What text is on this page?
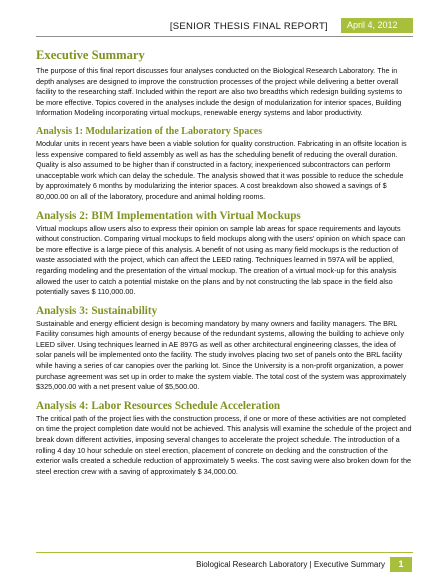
[SENIOR THESIS FINAL REPORT]	April 4, 2012
Executive Summary

The purpose of this final report discusses four analyses conducted on the Biological Research Laboratory. The in depth analyses are designed to improve the construction processes of the project while delivering a better overall facility to the researching staff. Included within the report are also two breadths which redesign building systems to be more effective. Topics covered in the analyses include the design of modularization for interior spaces, Building Information Modeling incorporating virtual mockups, renewable energy systems and labor productivity.

Analysis 1: Modularization of the Laboratory Spaces

Modular units in recent years have been a viable solution for quality construction. Fabricating in an offsite location is less expensive compared to field assembly as well as has the scheduling benefit of reducing the overall duration. Quality is also assumed to be higher than if constructed in a factory, inexperienced subcontractors can perform unacceptable work which can delay the schedule. The analysis showed that it was possible to reduce the schedule by approximately 6 months by modularizing the interior spaces. A cost breakdown also showed a savings of $ 80,000.00 on all of the laboratory, procedure and animal holding rooms.

Analysis 2: BIM Implementation with Virtual Mockups

Virtual mockups allow users also to express their opinion on sample lab areas for space requirements and layouts without construction. Comparing virtual mockups to field mockups along with the users' opinion on which space can be more effective is a large piece of this analysis. A benefit of not using as many field mockups is the reduction of waste associated with the project, which can affect the LEED rating. Techniques learned in 597A will be applied, regarding modeling and the presentation of the virtual mockup. The creation of a virtual mock-up for this analysis allowed the user to catch a potential mistake on the plans and by not constructing the lab space in the field also potentially saves $ 110,000.00.

Analysis 3: Sustainability

Sustainable and energy efficient design is becoming mandatory by many owners and facility managers. The BRL Facility consumes high amounts of energy because of the redundant systems, allowing the building to achieve only LEED silver. Using techniques learned in AE 897G as well as other architectural engineering classes, the idea of solar panels will be implemented onto the facility. The study involves placing two set of panels onto the BRL facility while having a series of car canopies over the parking lot. Since the University is a non-profit organization, a power purchase agreement was set up in order to make the system viable. The total cost of the system was approximately $325,000.00 with a net present value of $5,500.00.

Analysis 4: Labor Resources Schedule Acceleration

The critical path of the project lies with the construction process, if one or more of these activities are not completed on time the project completion date would not be achieved. This analysis will examine the schedule of the project and break down different activities, imposing several changes to accelerate the project schedule. The introduction of a rolling 4 day 10 hour schedule on steel erection, placement of concrete on decking and the construction of the exterior walls created a schedule reduction of approximately 5 weeks. The cost saving were also broken down for the steel erection crew with a saving of approximately $ 34,000.00.

Biological Research Laboratory | Executive Summary	1
